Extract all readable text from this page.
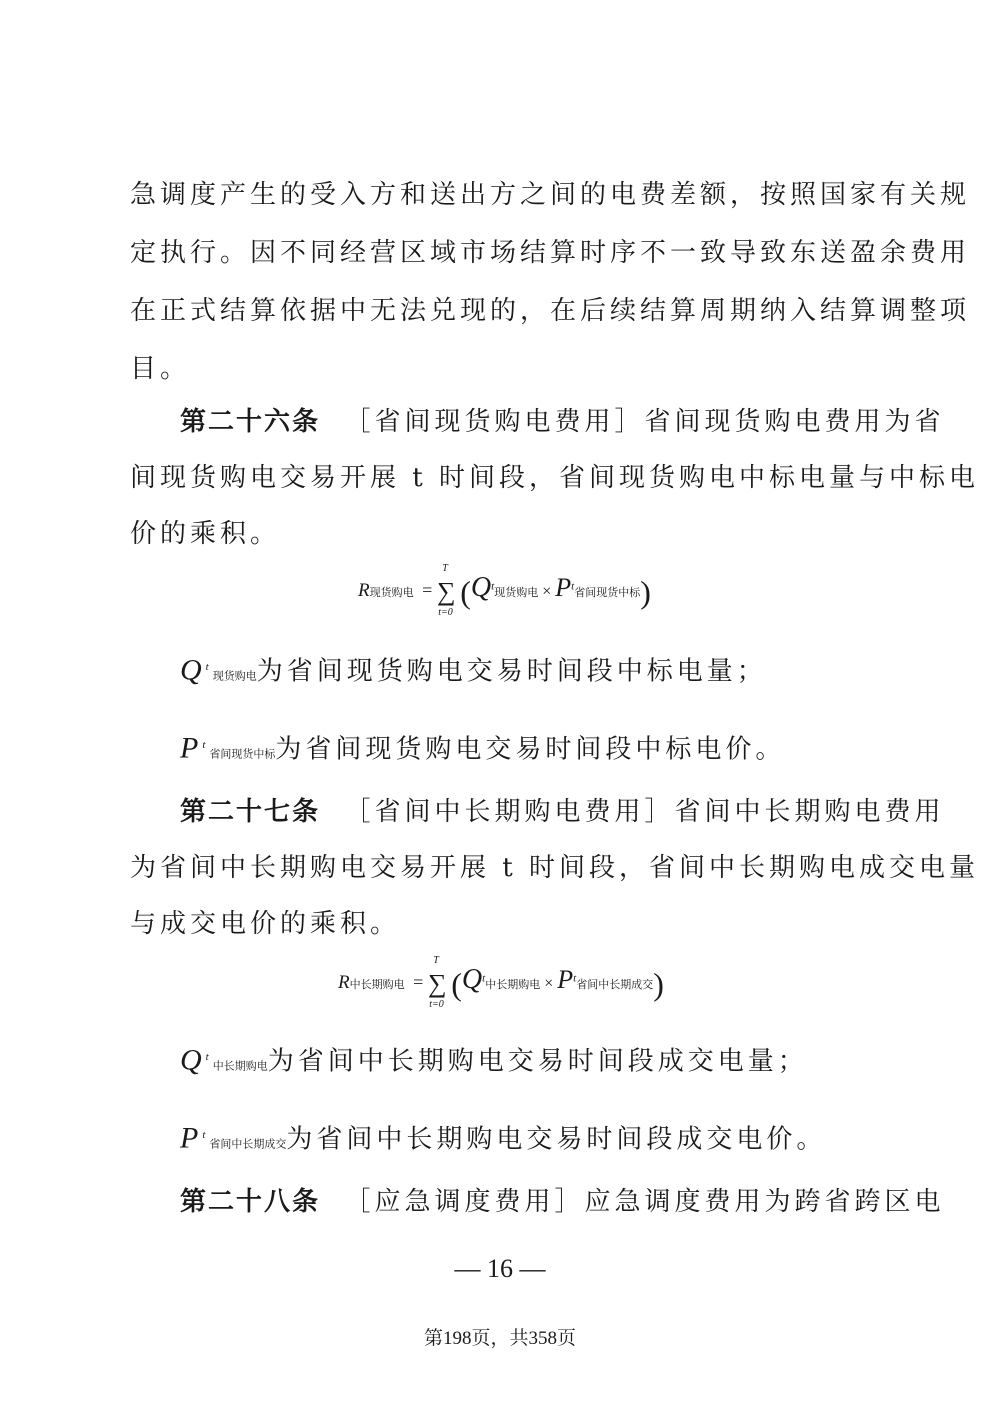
急调度产生的受入方和送出方之间的电费差额，按照国家有关规
定执行。因不同经营区域市场结算时序不一致导致东送盈余费用
在正式结算依据中无法兑现的，在后续结算周期纳入结算调整项
目。
第二十六条 ［省间现货购电费用］省间现货购电费用为省
间现货购电交易开展 t 时间段，省间现货购电中标电量与中标电
价的乘积。
R现货购电  =
T
∑
t=0
($Q^t$现货购电 × $P^t$省间现货中标)
$Q^t$现货购电为省间现货购电交易时间段中标电量；
$P^t$省间现货中标为省间现货购电交易时间段中标电价。
第二十七条 ［省间中长期购电费用］省间中长期购电费用
为省间中长期购电交易开展 t 时间段，省间中长期购电成交电量
与成交电价的乘积。
R中长期购电  =
T
∑
t=0
($Q^t$中长期购电 × $P^t$省间中长期成交)
$Q^t$中长期购电为省间中长期购电交易时间段成交电量；
$P^t$省间中长期成交为省间中长期购电交易时间段成交电价。
第二十八条 ［应急调度费用］应急调度费用为跨省跨区电
— 16 —
第198页，共358页
